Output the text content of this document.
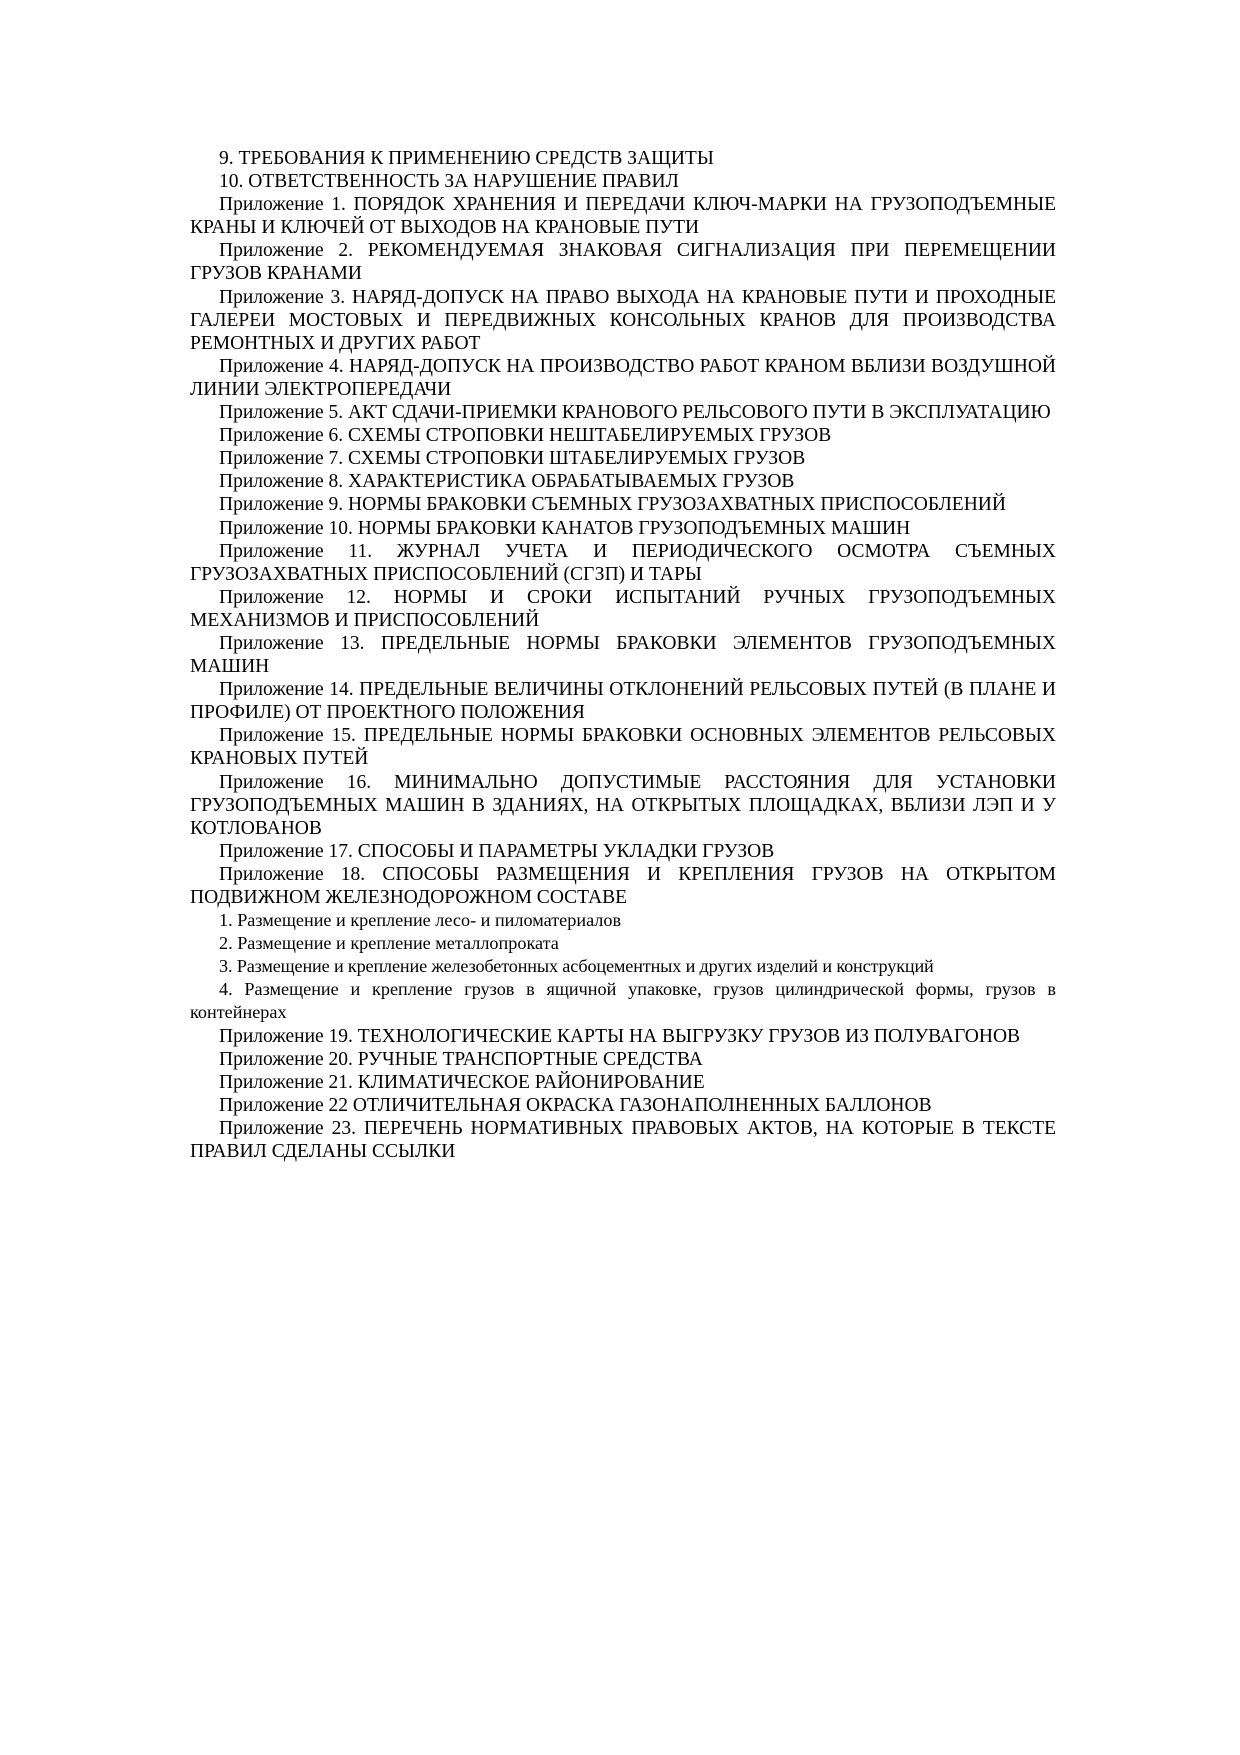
9. ТРЕБОВАНИЯ К ПРИМЕНЕНИЮ СРЕДСТВ ЗАЩИТЫ

10. ОТВЕТСТВЕННОСТЬ ЗА НАРУШЕНИЕ ПРАВИЛ

Приложение 1. ПОРЯДОК ХРАНЕНИЯ И ПЕРЕДАЧИ КЛЮЧ-МАРКИ НА ГРУЗОПОДЪЕМНЫЕ КРАНЫ И КЛЮЧЕЙ ОТ ВЫХОДОВ НА КРАНОВЫЕ ПУТИ

Приложение 2. РЕКОМЕНДУЕМАЯ ЗНАКОВАЯ СИГНАЛИЗАЦИЯ ПРИ ПЕРЕМЕЩЕНИИ ГРУЗОВ КРАНАМИ

Приложение 3. НАРЯД-ДОПУСК НА ПРАВО ВЫХОДА НА КРАНОВЫЕ ПУТИ И ПРОХОДНЫЕ ГАЛЕРЕИ МОСТОВЫХ И ПЕРЕДВИЖНЫХ КОНСОЛЬНЫХ КРАНОВ ДЛЯ ПРОИЗВОДСТВА РЕМОНТНЫХ И ДРУГИХ РАБОТ

Приложение 4. НАРЯД-ДОПУСК НА ПРОИЗВОДСТВО РАБОТ КРАНОМ ВБЛИЗИ ВОЗДУШНОЙ ЛИНИИ ЭЛЕКТРОПЕРЕДАЧИ

Приложение 5. АКТ СДАЧИ-ПРИЕМКИ КРАНОВОГО РЕЛЬСОВОГО ПУТИ В ЭКСПЛУАТАЦИЮ

Приложение 6. СХЕМЫ СТРОПОВКИ НЕШТАБЕЛИРУЕМЫХ ГРУЗОВ

Приложение 7. СХЕМЫ СТРОПОВКИ ШТАБЕЛИРУЕМЫХ ГРУЗОВ

Приложение 8. ХАРАКТЕРИСТИКА ОБРАБАТЫВАЕМЫХ ГРУЗОВ

Приложение 9. НОРМЫ БРАКОВКИ СЪЕМНЫХ ГРУЗОЗАХВАТНЫХ ПРИСПОСОБЛЕНИЙ

Приложение 10. НОРМЫ БРАКОВКИ КАНАТОВ ГРУЗОПОДЪЕМНЫХ МАШИН

Приложение 11. ЖУРНАЛ УЧЕТА И ПЕРИОДИЧЕСКОГО ОСМОТРА СЪЕМНЫХ ГРУЗОЗАХВАТНЫХ ПРИСПОСОБЛЕНИЙ (СГЗП) И ТАРЫ

Приложение 12. НОРМЫ И СРОКИ ИСПЫТАНИЙ РУЧНЫХ ГРУЗОПОДЪЕМНЫХ МЕХАНИЗМОВ И ПРИСПОСОБЛЕНИЙ

Приложение 13. ПРЕДЕЛЬНЫЕ НОРМЫ БРАКОВКИ ЭЛЕМЕНТОВ ГРУЗОПОДЪЕМНЫХ МАШИН

Приложение 14. ПРЕДЕЛЬНЫЕ ВЕЛИЧИНЫ ОТКЛОНЕНИЙ РЕЛЬСОВЫХ ПУТЕЙ (В ПЛАНЕ И ПРОФИЛЕ) ОТ ПРОЕКТНОГО ПОЛОЖЕНИЯ

Приложение 15. ПРЕДЕЛЬНЫЕ НОРМЫ БРАКОВКИ ОСНОВНЫХ ЭЛЕМЕНТОВ РЕЛЬСОВЫХ КРАНОВЫХ ПУТЕЙ

Приложение 16. МИНИМАЛЬНО ДОПУСТИМЫЕ РАССТОЯНИЯ ДЛЯ УСТАНОВКИ ГРУЗОПОДЪЕМНЫХ МАШИН В ЗДАНИЯХ, НА ОТКРЫТЫХ ПЛОЩАДКАХ, ВБЛИЗИ ЛЭП И У КОТЛОВАНОВ

Приложение 17. СПОСОБЫ И ПАРАМЕТРЫ УКЛАДКИ ГРУЗОВ

Приложение 18. СПОСОБЫ РАЗМЕЩЕНИЯ И КРЕПЛЕНИЯ ГРУЗОВ НА ОТКРЫТОМ ПОДВИЖНОМ ЖЕЛЕЗНОДОРОЖНОМ СОСТАВЕ

1. Размещение и крепление лесо- и пиломатериалов

2. Размещение и крепление металлопроката

3. Размещение и крепление железобетонных асбоцементных и других изделий и конструкций

4. Размещение и крепление грузов в ящичной упаковке, грузов цилиндрической формы, грузов в контейнерах

Приложение 19. ТЕХНОЛОГИЧЕСКИЕ КАРТЫ НА ВЫГРУЗКУ ГРУЗОВ ИЗ ПОЛУВАГОНОВ

Приложение 20. РУЧНЫЕ ТРАНСПОРТНЫЕ СРЕДСТВА

Приложение 21. КЛИМАТИЧЕСКОЕ РАЙОНИРОВАНИЕ

Приложение 22 ОТЛИЧИТЕЛЬНАЯ ОКРАСКА ГАЗОНАПОЛНЕННЫХ БАЛЛОНОВ

Приложение 23. ПЕРЕЧЕНЬ НОРМАТИВНЫХ ПРАВОВЫХ АКТОВ, НА КОТОРЫЕ В ТЕКСТЕ ПРАВИЛ СДЕЛАНЫ ССЫЛКИ
